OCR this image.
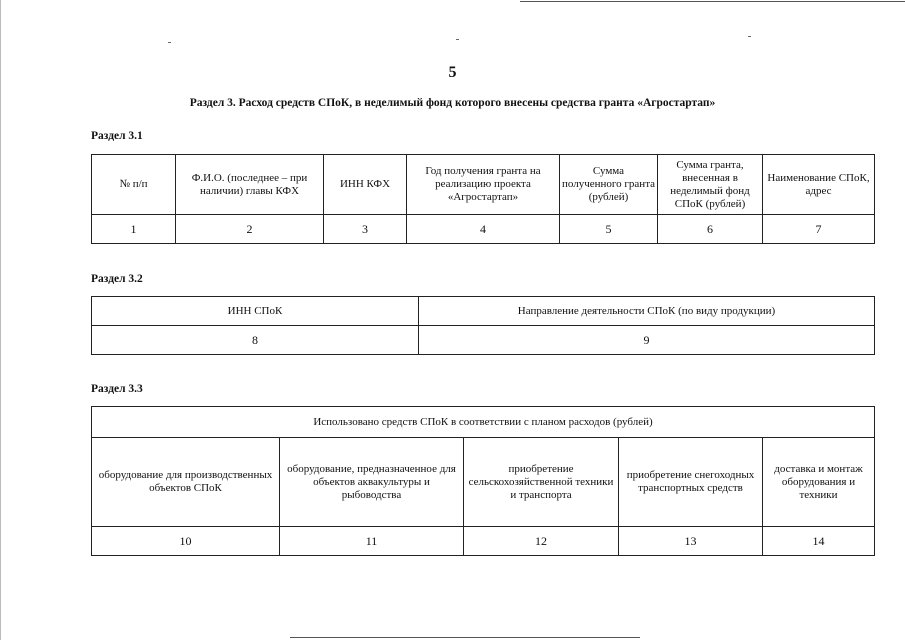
5
Раздел 3. Расход средств СПоК, в неделимый фонд которого внесены средства гранта «Агростартап»
Раздел 3.1
№ п/п	Ф.И.О. (последнее – при наличии) главы КФХ	ИНН КФХ	Год получения гранта на реализацию проекта «Агростартап»	Сумма полученного гранта (рублей)	Сумма гранта, внесенная в неделимый фонд СПоК (рублей)	Наименование СПоК, адрес
1	2	3	4	5	6	7
Раздел 3.2
ИНН СПоК	Направление деятельности СПоК (по виду продукции)
8	9
Раздел 3.3
Использовано средств СПоК в соответствии с планом расходов (рублей)				
оборудование для производственных объектов СПоК	оборудование, предназначенное для объектов аквакультуры и рыбоводства	приобретение сельскохозяйственной техники и транспорта	приобретение снегоходных транспортных средств	доставка и монтаж оборудования и техники
10	11	12	13	14
